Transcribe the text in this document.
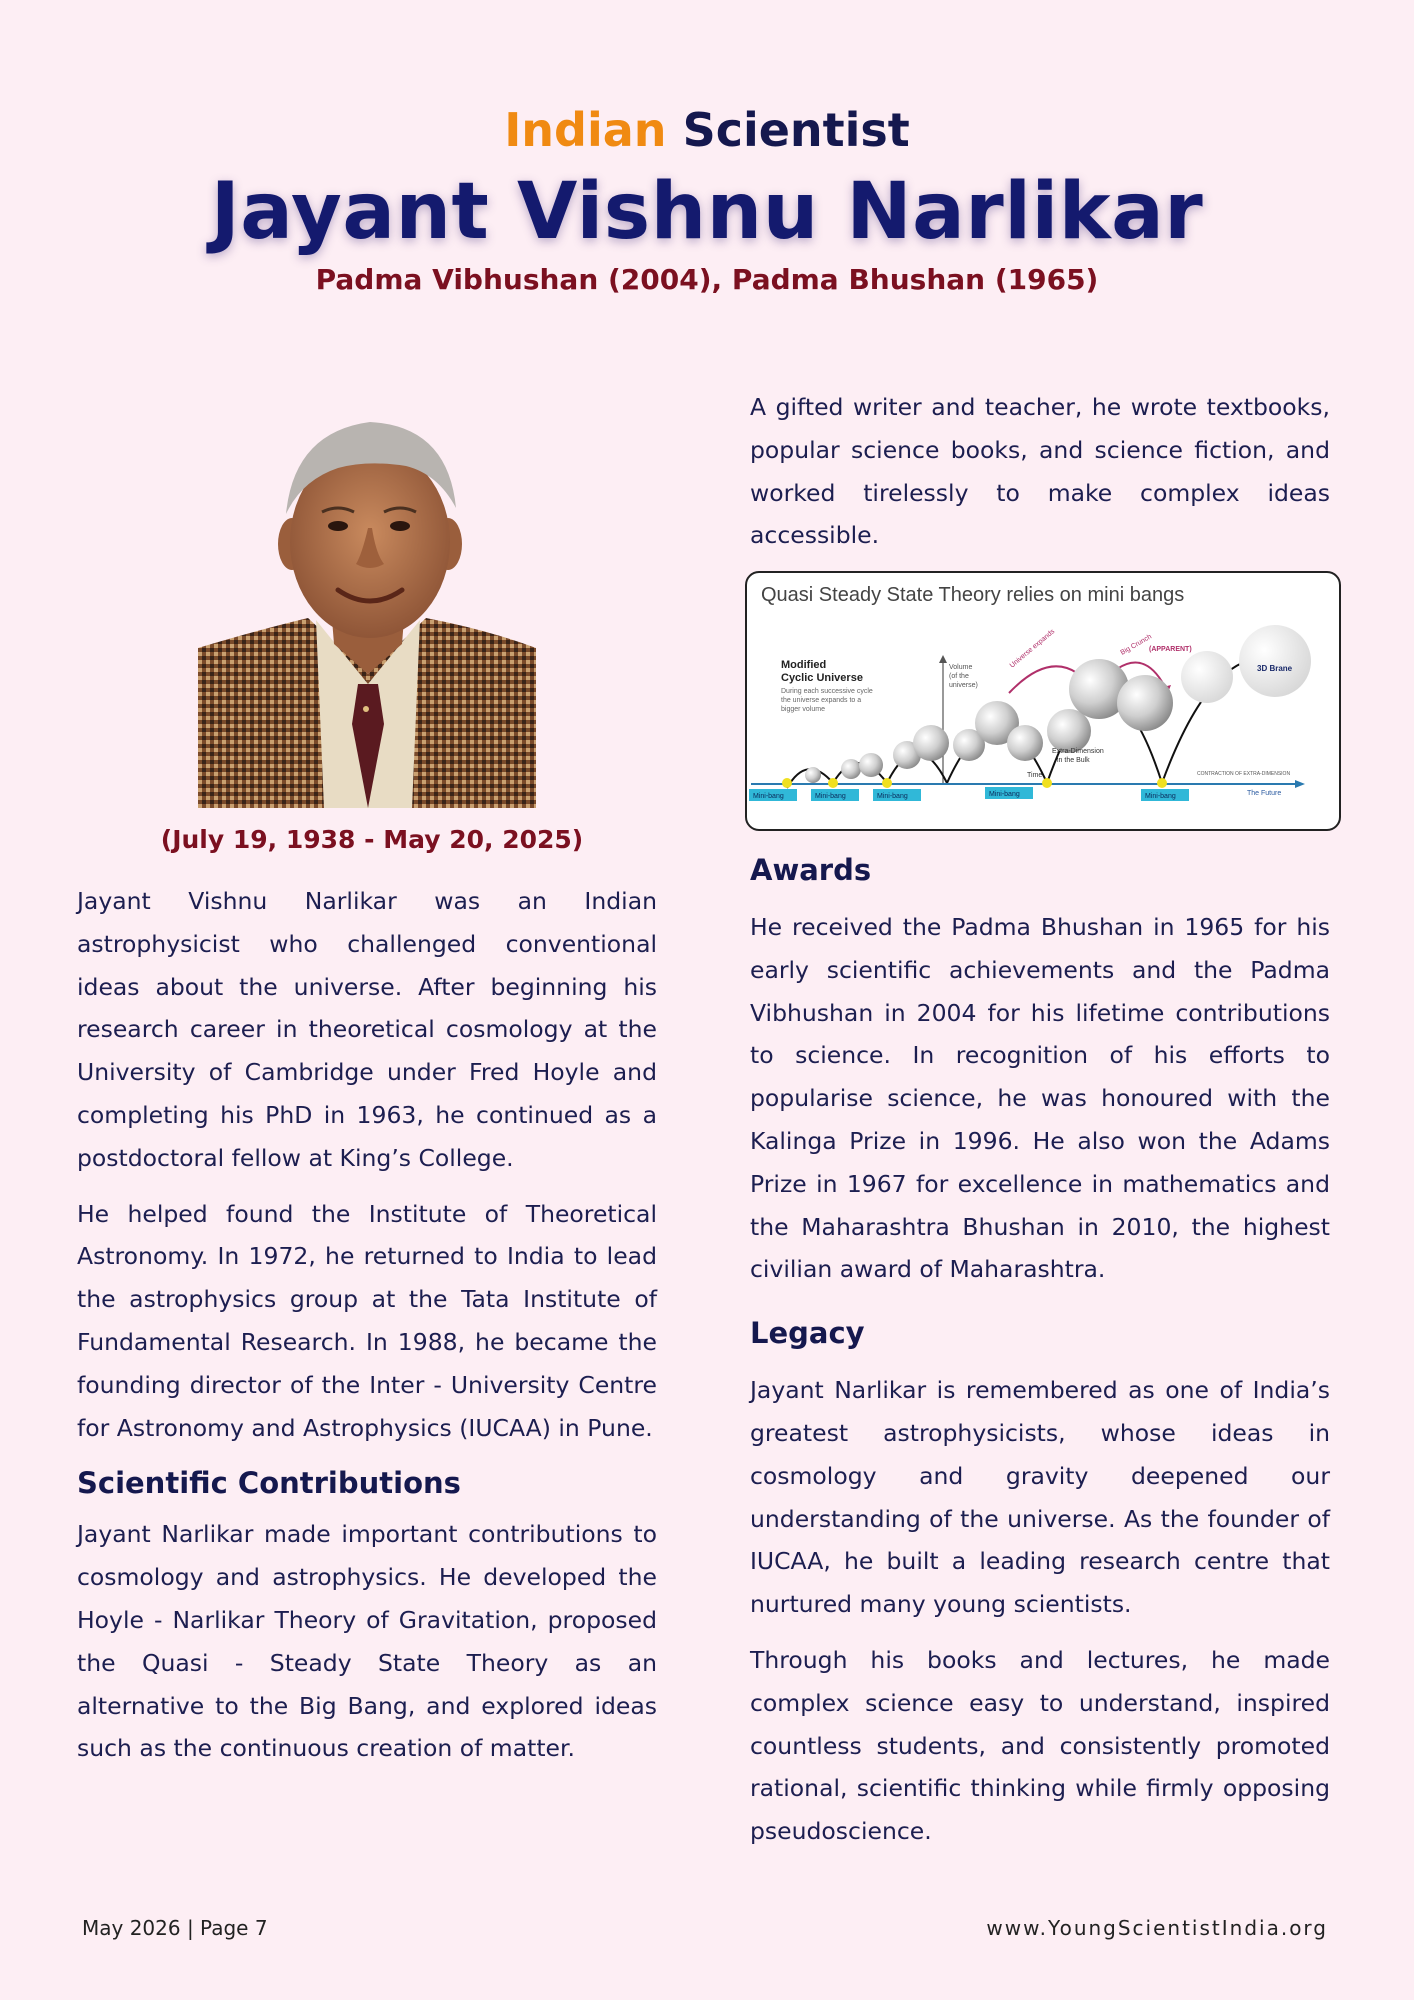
Indian Scientist
Jayant Vishnu Narlikar
Padma Vibhushan (2004), Padma Bhushan (1965)
(July 19, 1938 - May 20, 2025)

Jayant Vishnu Narlikar was an Indian astrophysicist who challenged conventional ideas about the universe. After beginning his research career in theoretical cosmology at the University of Cambridge under Fred Hoyle and completing his PhD in 1963, he continued as a postdoctoral fellow at King’s College.

He helped found the Institute of Theoretical Astronomy. In 1972, he returned to India to lead the astrophysics group at the Tata Institute of Fundamental Research. In 1988, he became the founding director of the Inter - University Centre for Astronomy and Astrophysics (IUCAA) in Pune.

Scientific Contributions

Jayant Narlikar made important contributions to cosmology and astrophysics. He developed the Hoyle - Narlikar Theory of Gravitation, proposed the Quasi - Steady State Theory as an alternative to the Big Bang, and explored ideas such as the continuous creation of matter.

A gifted writer and teacher, he wrote textbooks, popular science books, and science fiction, and worked tirelessly to make complex ideas accessible.

Quasi Steady State Theory relies on mini bangs
Modified
Cyclic Universe
During each successive cycle
the universe expands to a
bigger volume
Volume
(of the
universe)
Universe expands	Big Crunch
(APPARENT)
3D Brane
Extra-Dimension
in the Bulk
Time	CONTRACTION OF EXTRA-DIMENSION
The Future
Mini-bang	Mini-bang	Mini-bang	Mini-bang	Mini-bang
Awards

He received the Padma Bhushan in 1965 for his early scientific achievements and the Padma Vibhushan in 2004 for his lifetime contributions to science. In recognition of his efforts to popularise science, he was honoured with the Kalinga Prize in 1996. He also won the Adams Prize in 1967 for excellence in mathematics and the Maharashtra Bhushan in 2010, the highest civilian award of Maharashtra.

Legacy

Jayant Narlikar is remembered as one of India’s greatest astrophysicists, whose ideas in cosmology and gravity deepened our understanding of the universe. As the founder of IUCAA, he built a leading research centre that nurtured many young scientists.

Through his books and lectures, he made complex science easy to understand, inspired countless students, and consistently promoted rational, scientific thinking while firmly opposing pseudoscience.

May 2026 | Page 7	www.YoungScientistIndia.org
